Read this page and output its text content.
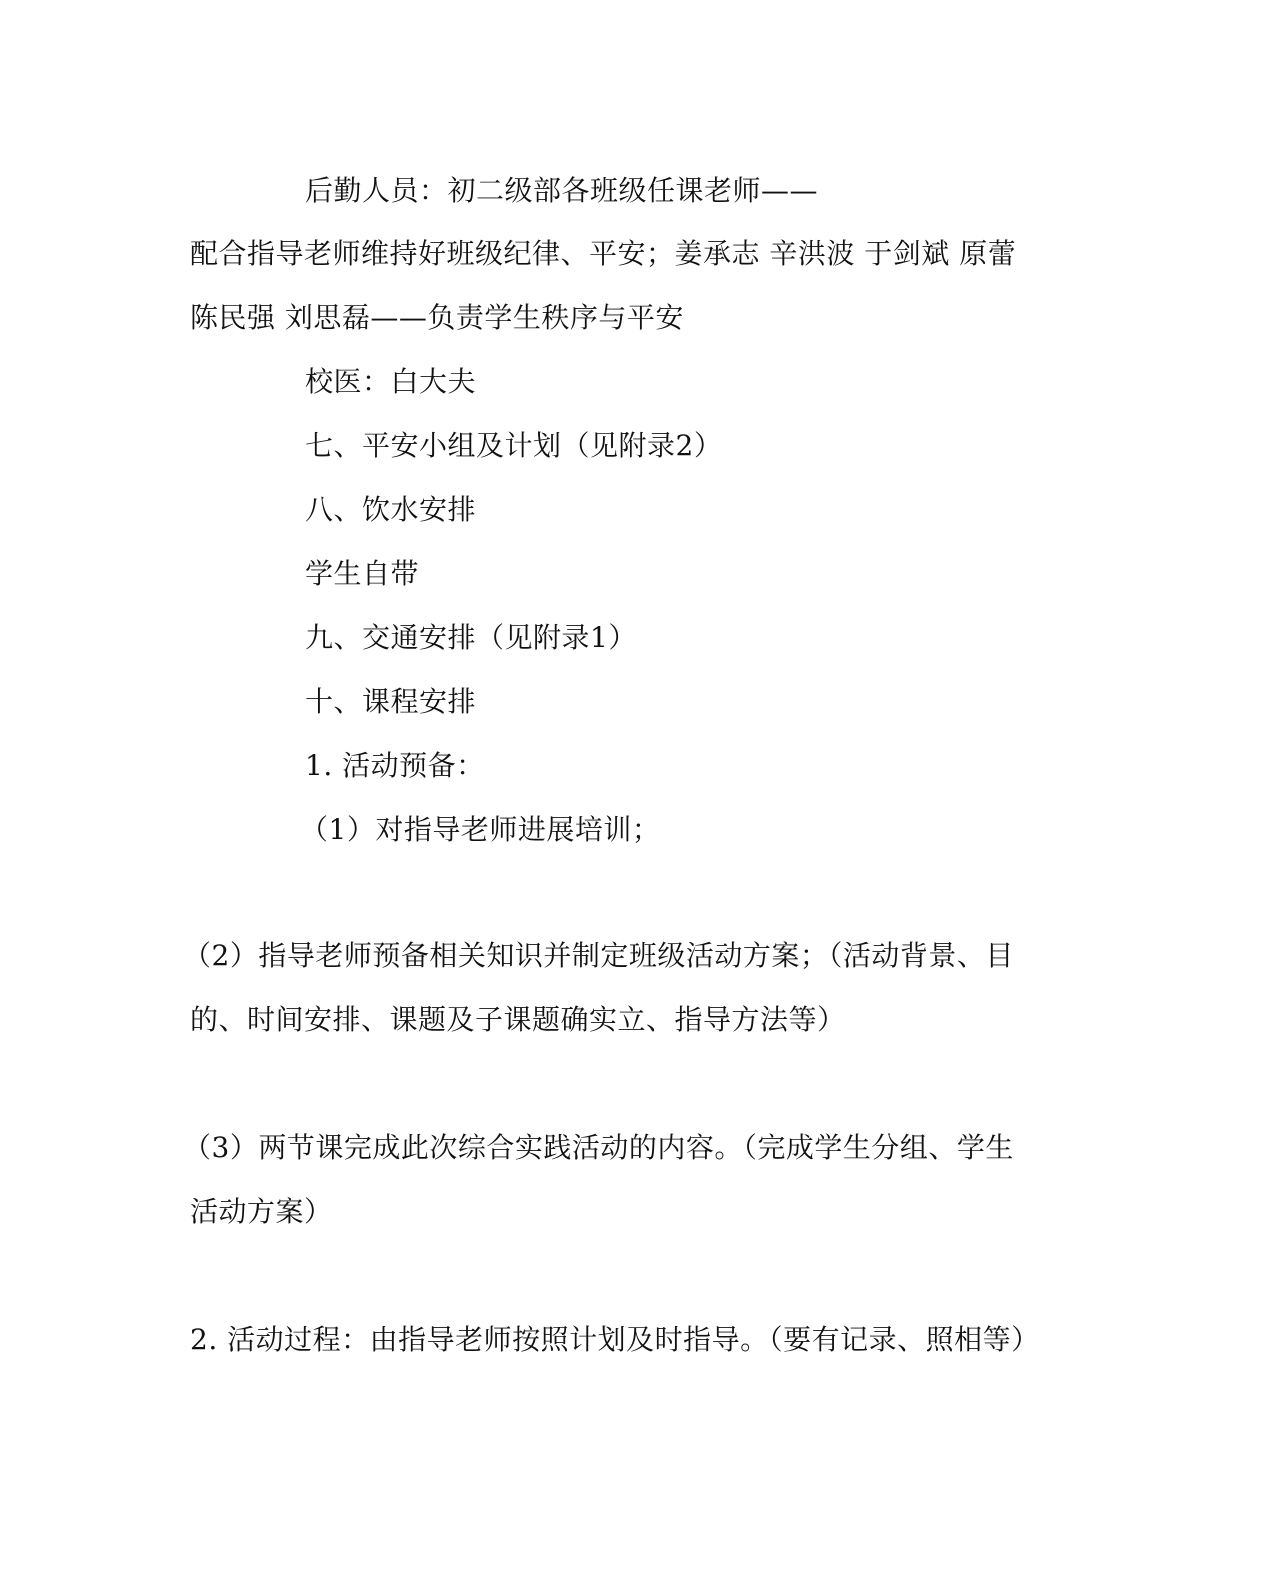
后勤人员：初二级部各班级任课老师——
配合指导老师维持好班级纪律、平安；姜承志 辛洪波 于剑斌 原蕾
陈民强 刘思磊——负责学生秩序与平安
校医：白大夫
七、平安小组及计划（见附录2）
八、饮水安排
学生自带
九、交通安排（见附录1）
十、课程安排
1. 活动预备：
（1）对指导老师进展培训；
（2）指导老师预备相关知识并制定班级活动方案；（活动背景、目
的、时间安排、课题及子课题确实立、指导方法等）
（3）两节课完成此次综合实践活动的内容。（完成学生分组、学生
活动方案）
2. 活动过程：由指导老师按照计划及时指导。（要有记录、照相等）
